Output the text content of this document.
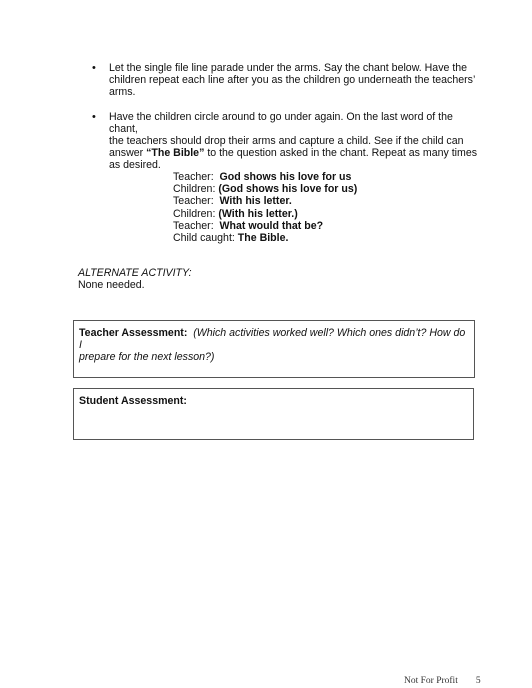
• Let the single file line parade under the arms. Say the chant below. Have the
children repeat each line after you as the children go underneath the teachers’
arms.
• Have the children circle around to go under again. On the last word of the chant,
the teachers should drop their arms and capture a child. See if the child can
answer “The Bible” to the question asked in the chant. Repeat as many times
as desired.
Teacher: God shows his love for us
Children: (God shows his love for us)
Teacher: With his letter.
Children: (With his letter.)
Teacher: What would that be?
Child caught: The Bible.
ALTERNATE ACTIVITY:
None needed.
Teacher Assessment: (Which activities worked well? Which ones didn’t? How do I
prepare for the next lesson?)
Student Assessment:
Not For Profit 5
